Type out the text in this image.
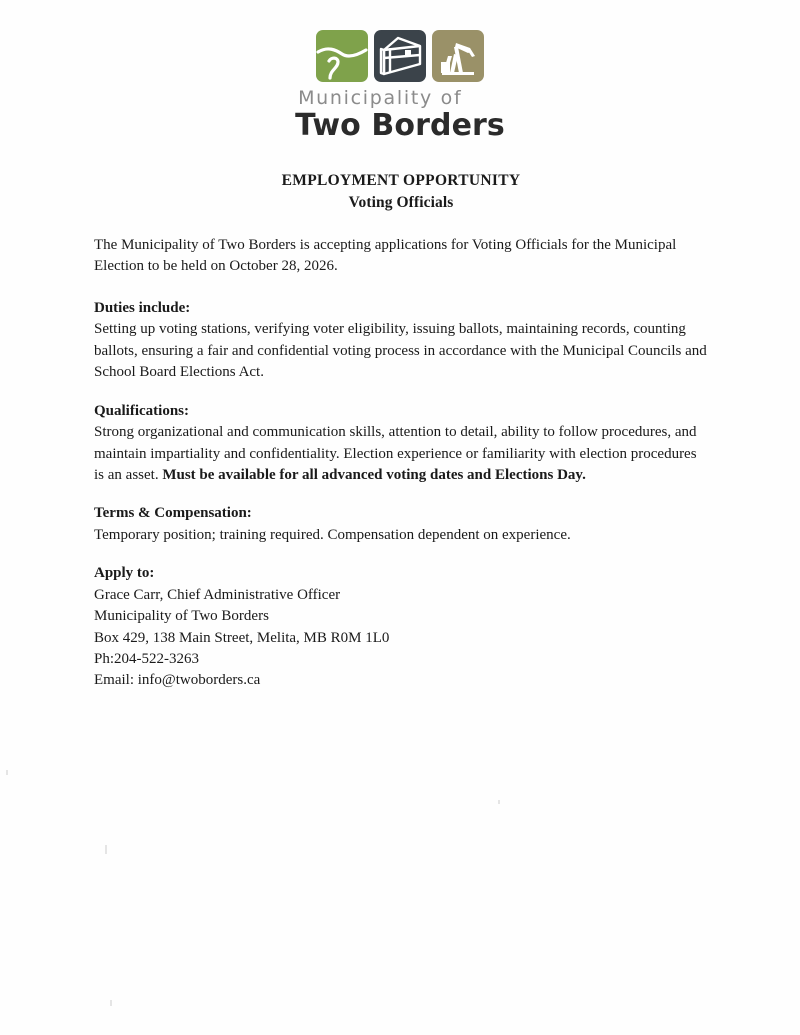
Municipality of
Two Borders
EMPLOYMENT OPPORTUNITY
Voting Officials

The Municipality of Two Borders is accepting applications for Voting Officials for the Municipal Election to be held on October 28, 2026.

Duties include:

Setting up voting stations, verifying voter eligibility, issuing ballots, maintaining records, counting ballots, ensuring a fair and confidential voting process in accordance with the Municipal Councils and School Board Elections Act.

Qualifications:

Strong organizational and communication skills, attention to detail, ability to follow procedures, and maintain impartiality and confidentiality. Election experience or familiarity with election procedures is an asset. Must be available for all advanced voting dates and Elections Day.

Terms & Compensation:

Temporary position; training required. Compensation dependent on experience.

Apply to:

Grace Carr, Chief Administrative Officer

Municipality of Two Borders

Box 429, 138 Main Street, Melita, MB R0M 1L0

Ph:204-522-3263

Email: info@twoborders.ca
